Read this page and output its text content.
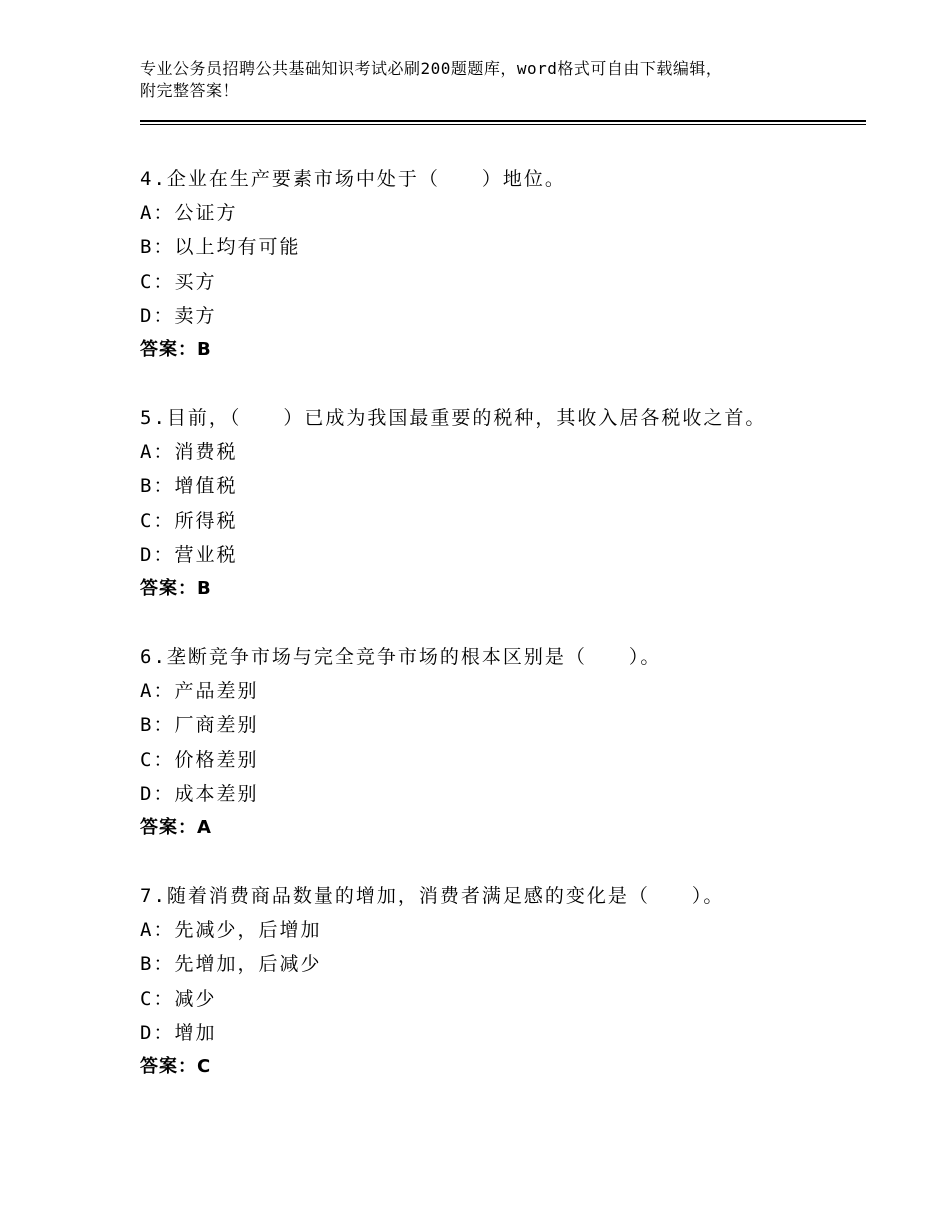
专业公务员招聘公共基础知识考试必刷200题题库，word格式可自由下载编辑，
附完整答案！
4.企业在生产要素市场中处于（　　）地位。
A：公证方
B：以上均有可能
C：买方
D：卖方
答案：B
5.目前，（　　）已成为我国最重要的税种，其收入居各税收之首。
A：消费税
B：增值税
C：所得税
D：营业税
答案：B
6.垄断竞争市场与完全竞争市场的根本区别是（　　）。
A：产品差别
B：厂商差别
C：价格差别
D：成本差别
答案：A
7.随着消费商品数量的增加，消费者满足感的变化是（　　）。
A：先减少，后增加
B：先增加，后减少
C：减少
D：增加
答案：C
